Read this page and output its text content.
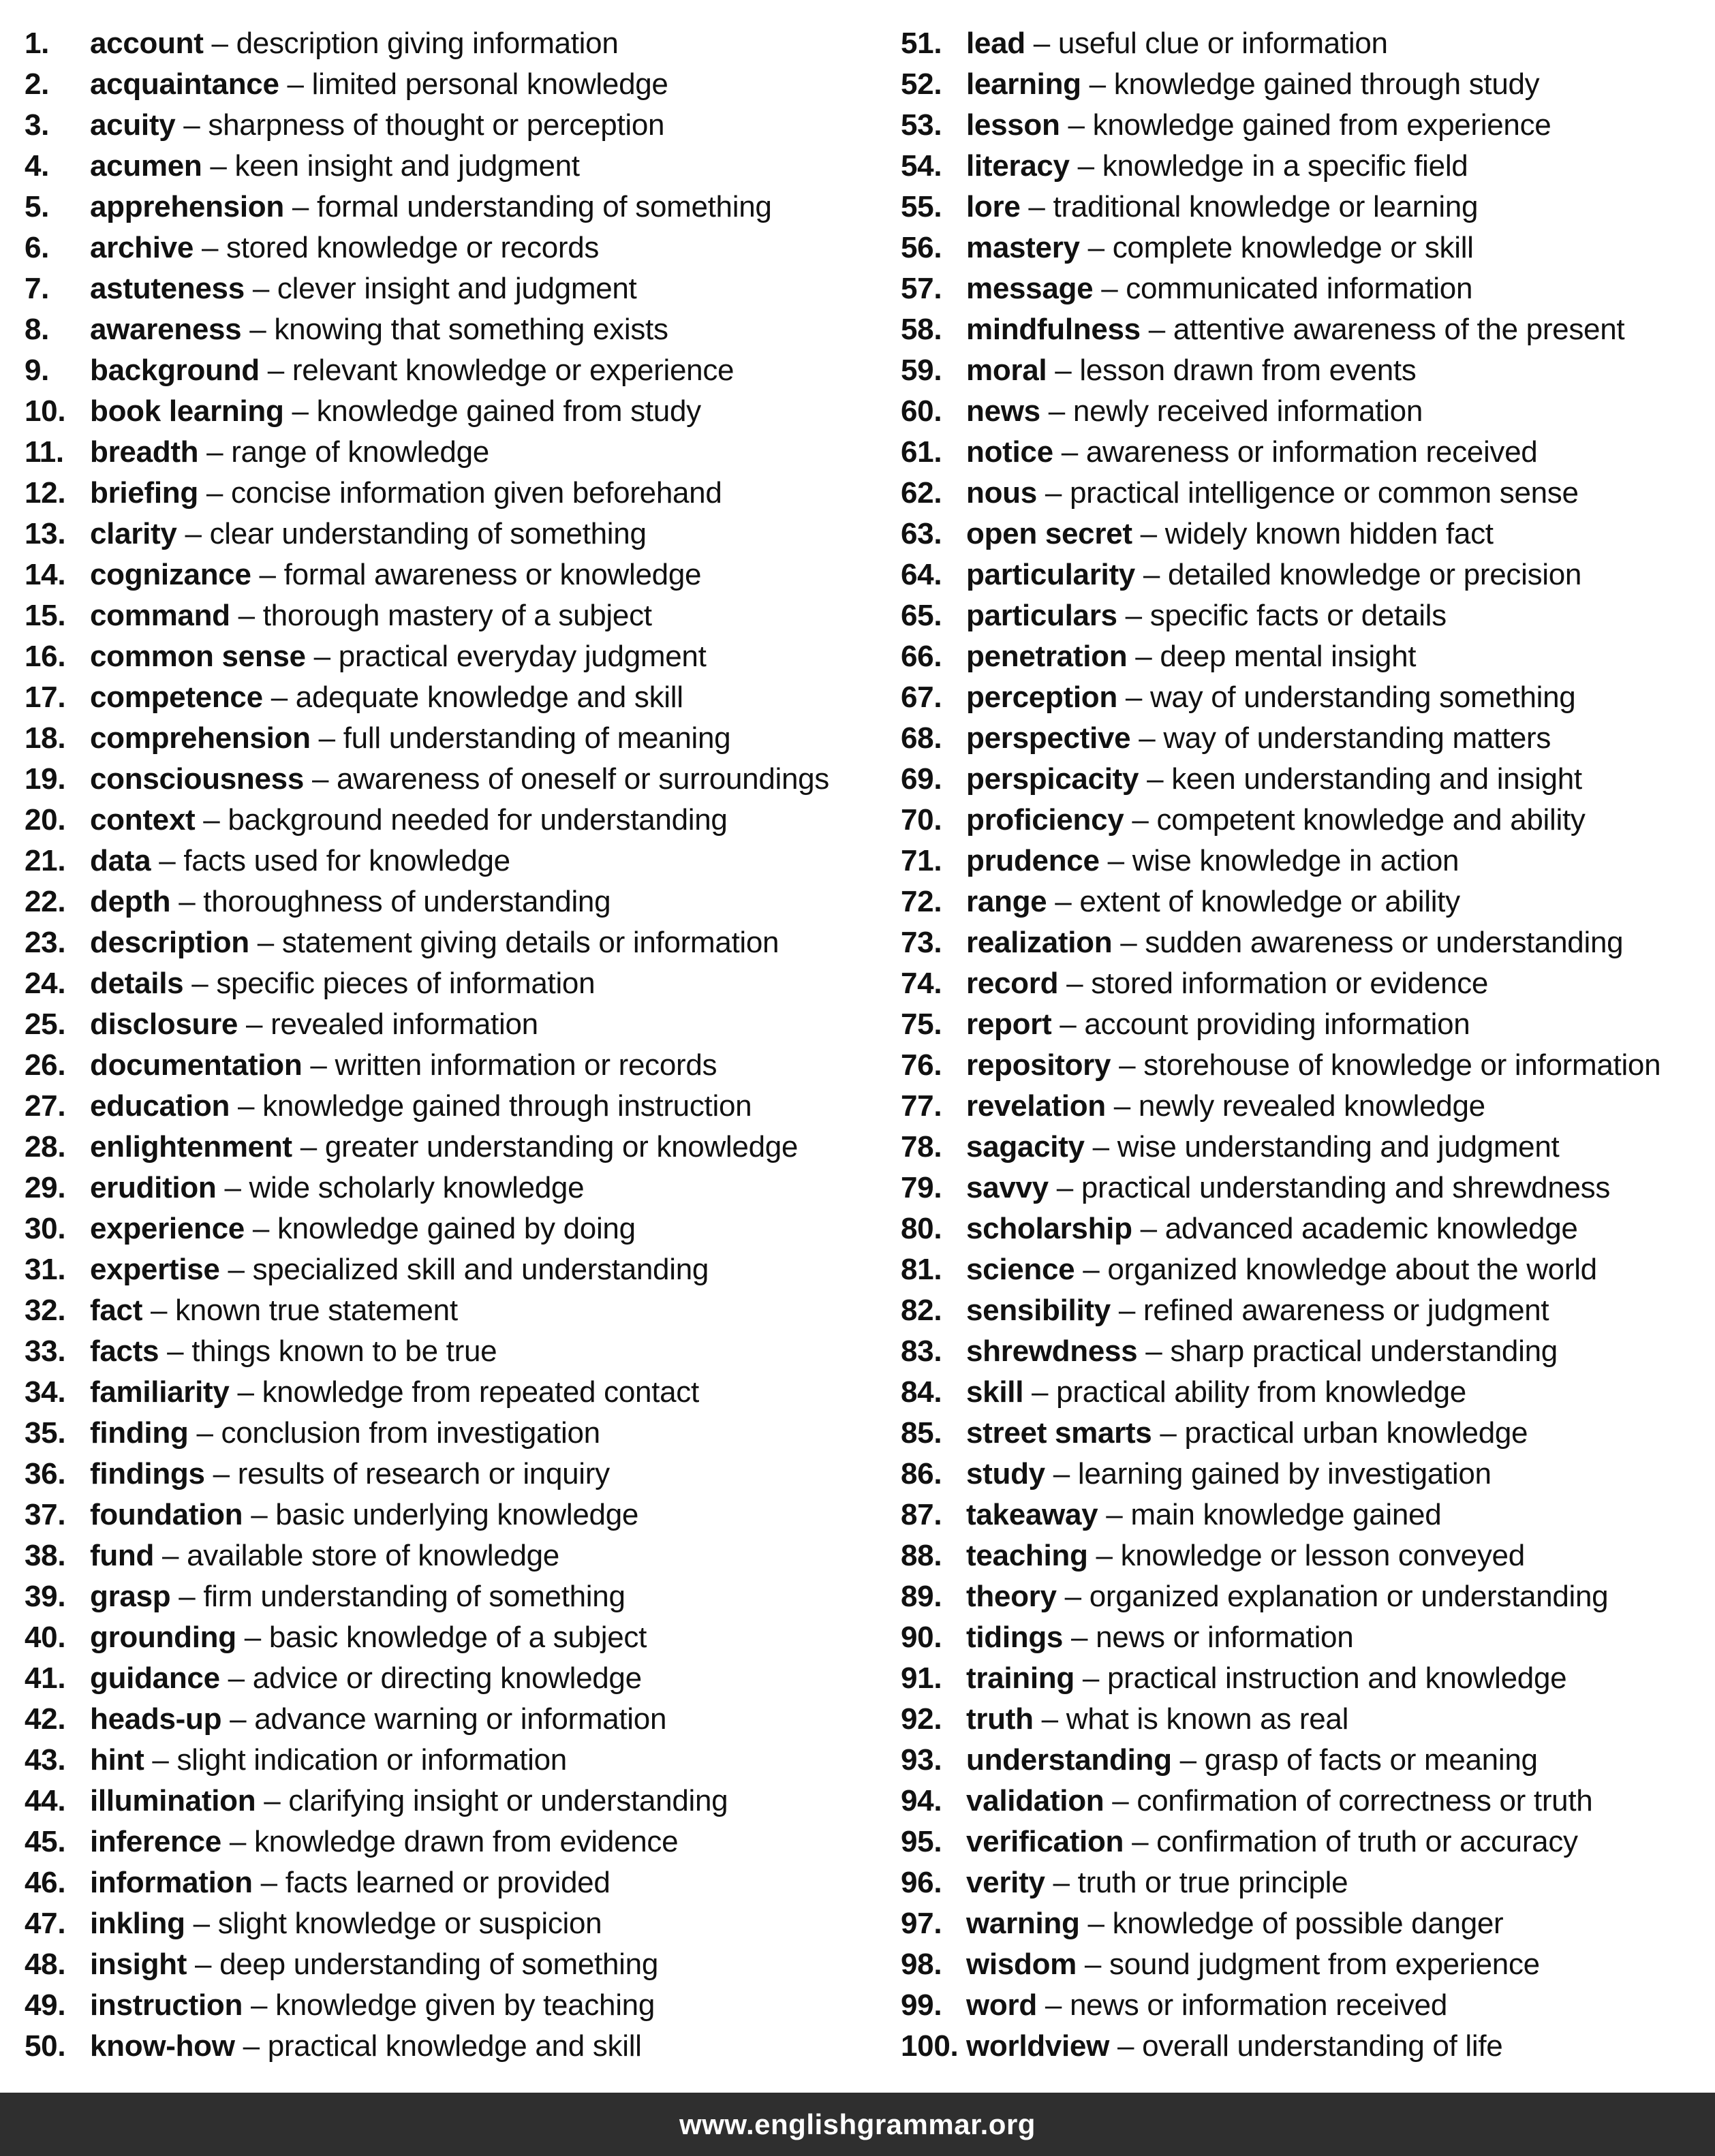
1.	account – description giving information
2.	acquaintance – limited personal knowledge
3.	acuity – sharpness of thought or perception
4.	acumen – keen insight and judgment
5.	apprehension – formal understanding of something
6.	archive – stored knowledge or records
7.	astuteness – clever insight and judgment
8.	awareness – knowing that something exists
9.	background – relevant knowledge or experience
10. book learning – knowledge gained from study
11. breadth – range of knowledge
12. briefing – concise information given beforehand
13. clarity – clear understanding of something
14. cognizance – formal awareness or knowledge
15. command – thorough mastery of a subject
16. common sense – practical everyday judgment
17. competence – adequate knowledge and skill
18. comprehension – full understanding of meaning
19. consciousness – awareness of oneself or surroundings
20. context – background needed for understanding
21. data – facts used for knowledge
22. depth – thoroughness of understanding
23. description – statement giving details or information
24. details – specific pieces of information
25. disclosure – revealed information
26. documentation – written information or records
27. education – knowledge gained through instruction
28. enlightenment – greater understanding or knowledge
29. erudition – wide scholarly knowledge
30. experience – knowledge gained by doing
31. expertise – specialized skill and understanding
32. fact – known true statement
33. facts – things known to be true
34. familiarity – knowledge from repeated contact
35. finding – conclusion from investigation
36. findings – results of research or inquiry
37. foundation – basic underlying knowledge
38. fund – available store of knowledge
39. grasp – firm understanding of something
40. grounding – basic knowledge of a subject
41. guidance – advice or directing knowledge
42. heads-up – advance warning or information
43. hint – slight indication or information
44. illumination – clarifying insight or understanding
45. inference – knowledge drawn from evidence
46. information – facts learned or provided
47. inkling – slight knowledge or suspicion
48. insight – deep understanding of something
49. instruction – knowledge given by teaching
50. know-how – practical knowledge and skill
51. lead – useful clue or information
52. learning – knowledge gained through study
53. lesson – knowledge gained from experience
54. literacy – knowledge in a specific field
55. lore – traditional knowledge or learning
56. mastery – complete knowledge or skill
57. message – communicated information
58. mindfulness – attentive awareness of the present
59. moral – lesson drawn from events
60. news – newly received information
61. notice – awareness or information received
62. nous – practical intelligence or common sense
63. open secret – widely known hidden fact
64. particularity – detailed knowledge or precision
65. particulars – specific facts or details
66. penetration – deep mental insight
67. perception – way of understanding something
68. perspective – way of understanding matters
69. perspicacity – keen understanding and insight
70. proficiency – competent knowledge and ability
71. prudence – wise knowledge in action
72. range – extent of knowledge or ability
73. realization – sudden awareness or understanding
74. record – stored information or evidence
75. report – account providing information
76. repository – storehouse of knowledge or information
77. revelation – newly revealed knowledge
78. sagacity – wise understanding and judgment
79. savvy – practical understanding and shrewdness
80. scholarship – advanced academic knowledge
81. science – organized knowledge about the world
82. sensibility – refined awareness or judgment
83. shrewdness – sharp practical understanding
84. skill – practical ability from knowledge
85. street smarts – practical urban knowledge
86. study – learning gained by investigation
87. takeaway – main knowledge gained
88. teaching – knowledge or lesson conveyed
89. theory – organized explanation or understanding
90. tidings – news or information
91. training – practical instruction and knowledge
92. truth – what is known as real
93. understanding – grasp of facts or meaning
94. validation – confirmation of correctness or truth
95. verification – confirmation of truth or accuracy
96. verity – truth or true principle
97. warning – knowledge of possible danger
98. wisdom – sound judgment from experience
99. word – news or information received
100. worldview – overall understanding of life
www.englishgrammar.org
